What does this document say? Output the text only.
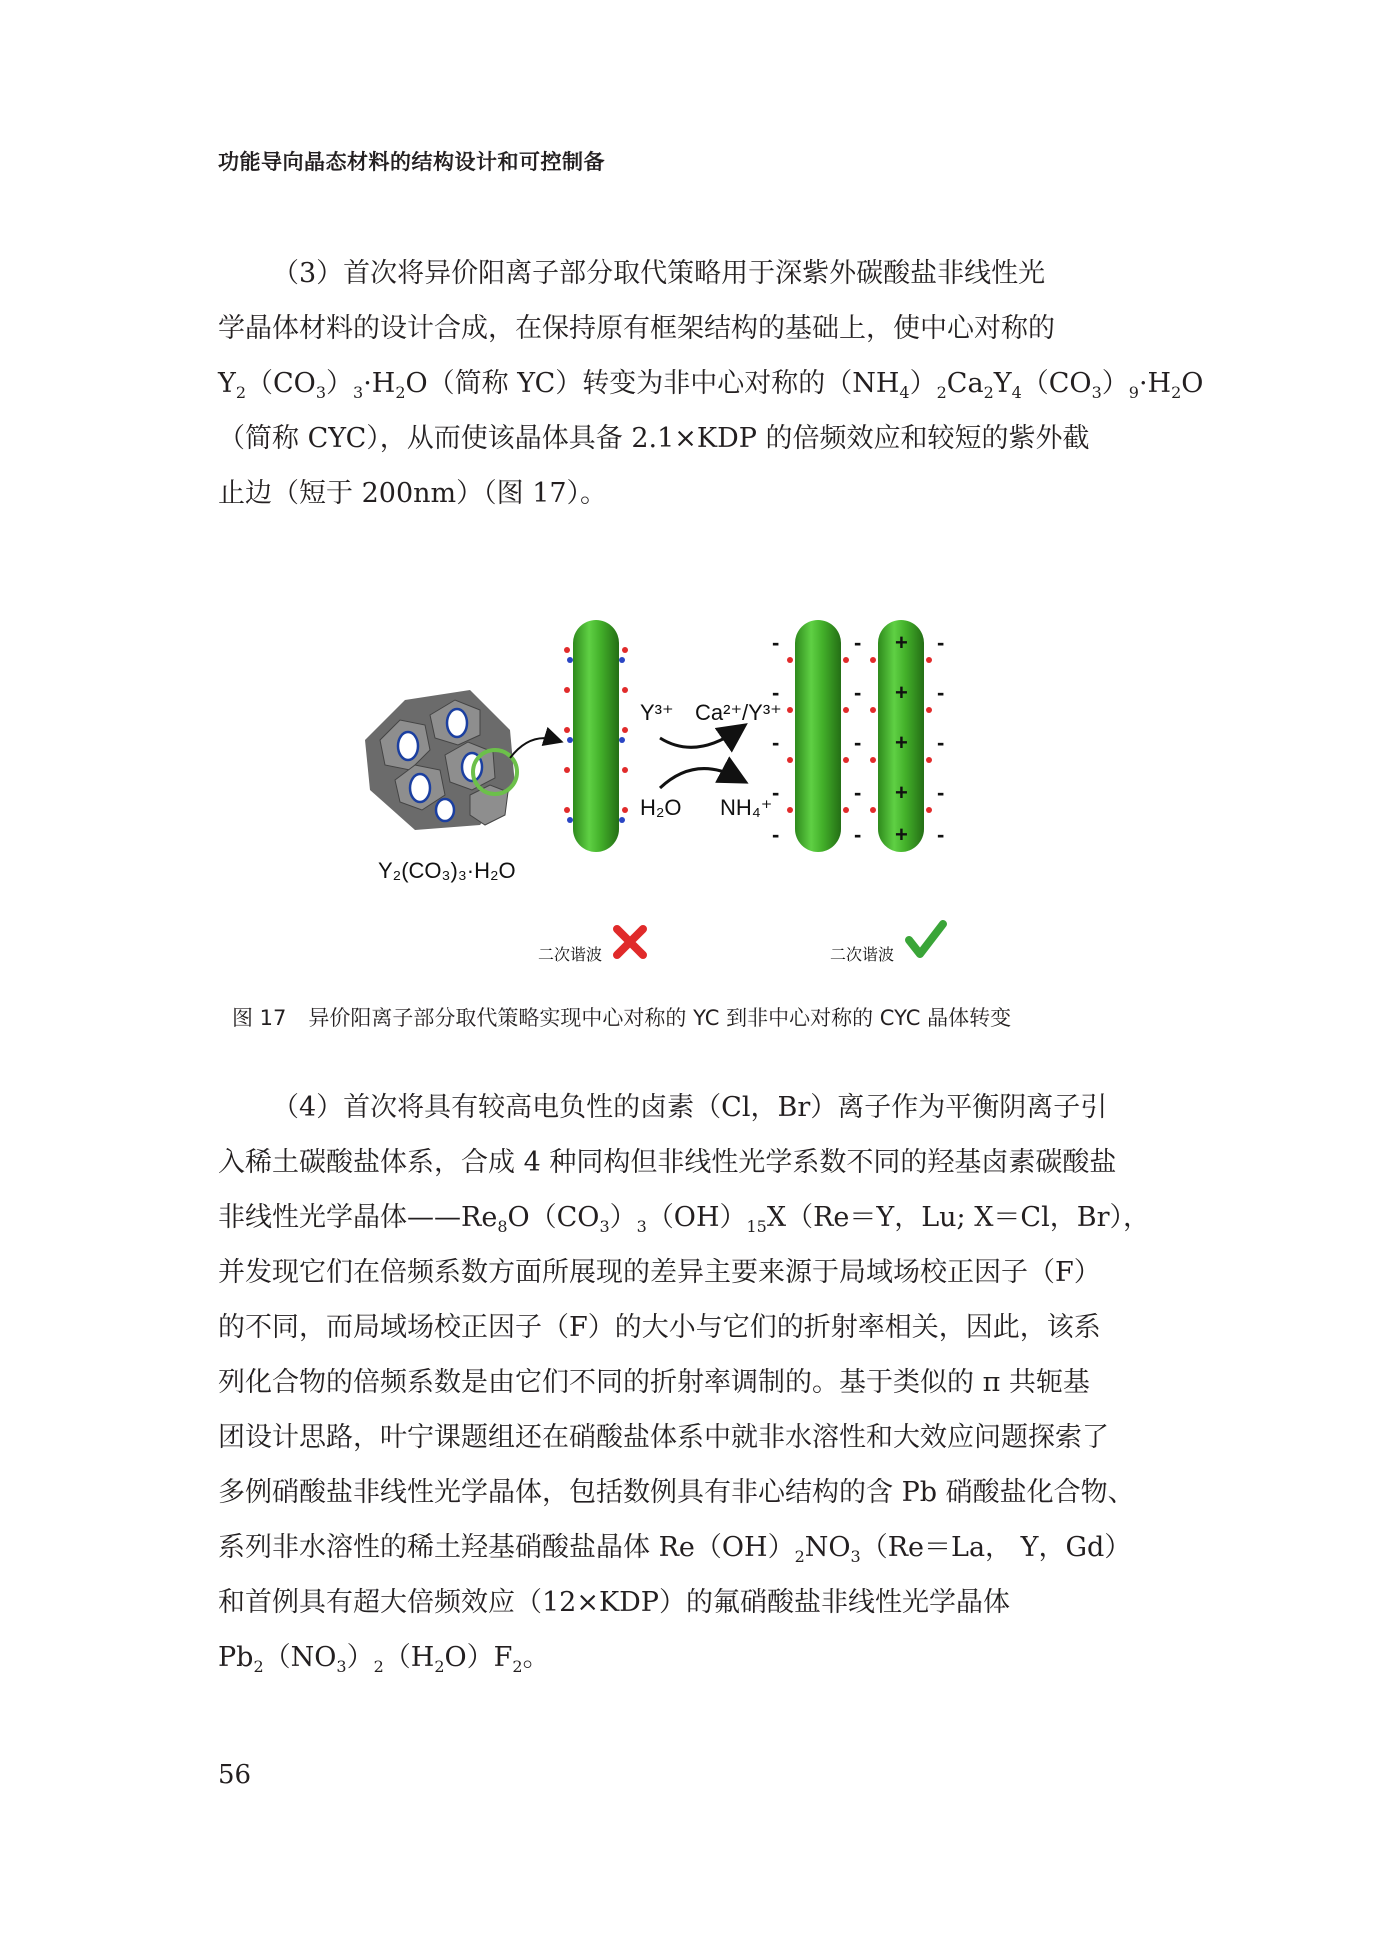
功能导向晶态材料的结构设计和可控制备
（3）首次将异价阳离子部分取代策略用于深紫外碳酸盐非线性光
学晶体材料的设计合成，在保持原有框架结构的基础上，使中心对称的
$Y_2(CO_3)_3\cdot H_2O$（简称 YC）转变为非中心对称的$(NH_4)_2Ca_2Y_4(CO_3)_9\cdot H_2O$
（简称 CYC），从而使该晶体具备 2.1×KDP 的倍频效应和较短的紫外截
止边（短于 200nm）（图 17）。
Y₂(CO₃)₃·H₂O
Y³⁺ Ca²⁺/Y³⁺
H₂O NH₄⁺
-
-
-
-
-
-
-
-
-
-
-
-
-
-
-
+
+
+
+
+
二次谐波	二次谐波
图 17 异价阳离子部分取代策略实现中心对称的 YC 到非中心对称的 CYC 晶体转变
（4）首次将具有较高电负性的卤素（Cl，Br）离子作为平衡阴离子引
入稀土碳酸盐体系，合成 4 种同构但非线性光学系数不同的羟基卤素碳酸盐
非线性光学晶体$——Re_8O(CO_3)_3(OH)_{15}X(Re=Y$，Lu; X＝Cl，Br），
并发现它们在倍频系数方面所展现的差异主要来源于局域场校正因子（F）
的不同，而局域场校正因子（F）的大小与它们的折射率相关，因此，该系
列化合物的倍频系数是由它们不同的折射率调制的。基于类似的 π 共轭基
团设计思路，叶宁课题组还在硝酸盐体系中就非水溶性和大效应问题探索了
多例硝酸盐非线性光学晶体，包括数例具有非心结构的含 Pb 硝酸盐化合物、
系列非水溶性的稀土羟基硝酸盐晶体 $Re(OH)_2NO_3(Re=La$， Y，Gd）
和首例具有超大倍频效应（12×KDP）的氟硝酸盐非线性光学晶体
$Pb_2(NO_3)_2(H_2O)F_2$。
56
